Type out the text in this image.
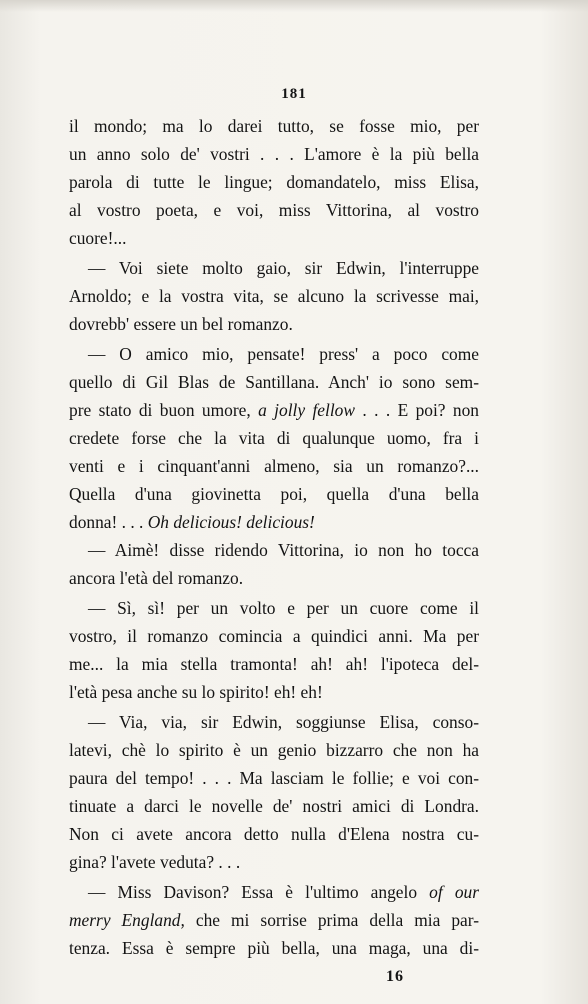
181
il mondo; ma lo darei tutto, se fosse mio, per
un anno solo de' vostri . . . L'amore è la più bella
parola di tutte le lingue; domandatelo, miss Elisa,
al vostro poeta, e voi, miss Vittorina, al vostro
cuore!...
— Voi siete molto gaio, sir Edwin, l'interruppe
Arnoldo; e la vostra vita, se alcuno la scrivesse mai,
dovrebb' essere un bel romanzo.
— O amico mio, pensate! press' a poco come
quello di Gil Blas de Santillana. Anch' io sono sem-
pre stato di buon umore, a jolly fellow . . . E poi? non
credete forse che la vita di qualunque uomo, fra i
venti e i cinquant'anni almeno, sia un romanzo?...
Quella d'una giovinetta poi, quella d'una bella
donna! . . . Oh delicious! delicious!
— Aimè! disse ridendo Vittorina, io non ho tocca
ancora l'età del romanzo.
— Sì, sì! per un volto e per un cuore come il
vostro, il romanzo comincia a quindici anni. Ma per
me... la mia stella tramonta! ah! ah! l'ipoteca del-
l'età pesa anche su lo spirito! eh! eh!
— Via, via, sir Edwin, soggiunse Elisa, conso-
latevi, chè lo spirito è un genio bizzarro che non ha
paura del tempo! . . . Ma lasciam le follie; e voi con-
tinuate a darci le novelle de' nostri amici di Londra.
Non ci avete ancora detto nulla d'Elena nostra cu-
gina? l'avete veduta? . . .
— Miss Davison? Essa è l'ultimo angelo of our
merry England, che mi sorrise prima della mia par-
tenza. Essa è sempre più bella, una maga, una di-
16
